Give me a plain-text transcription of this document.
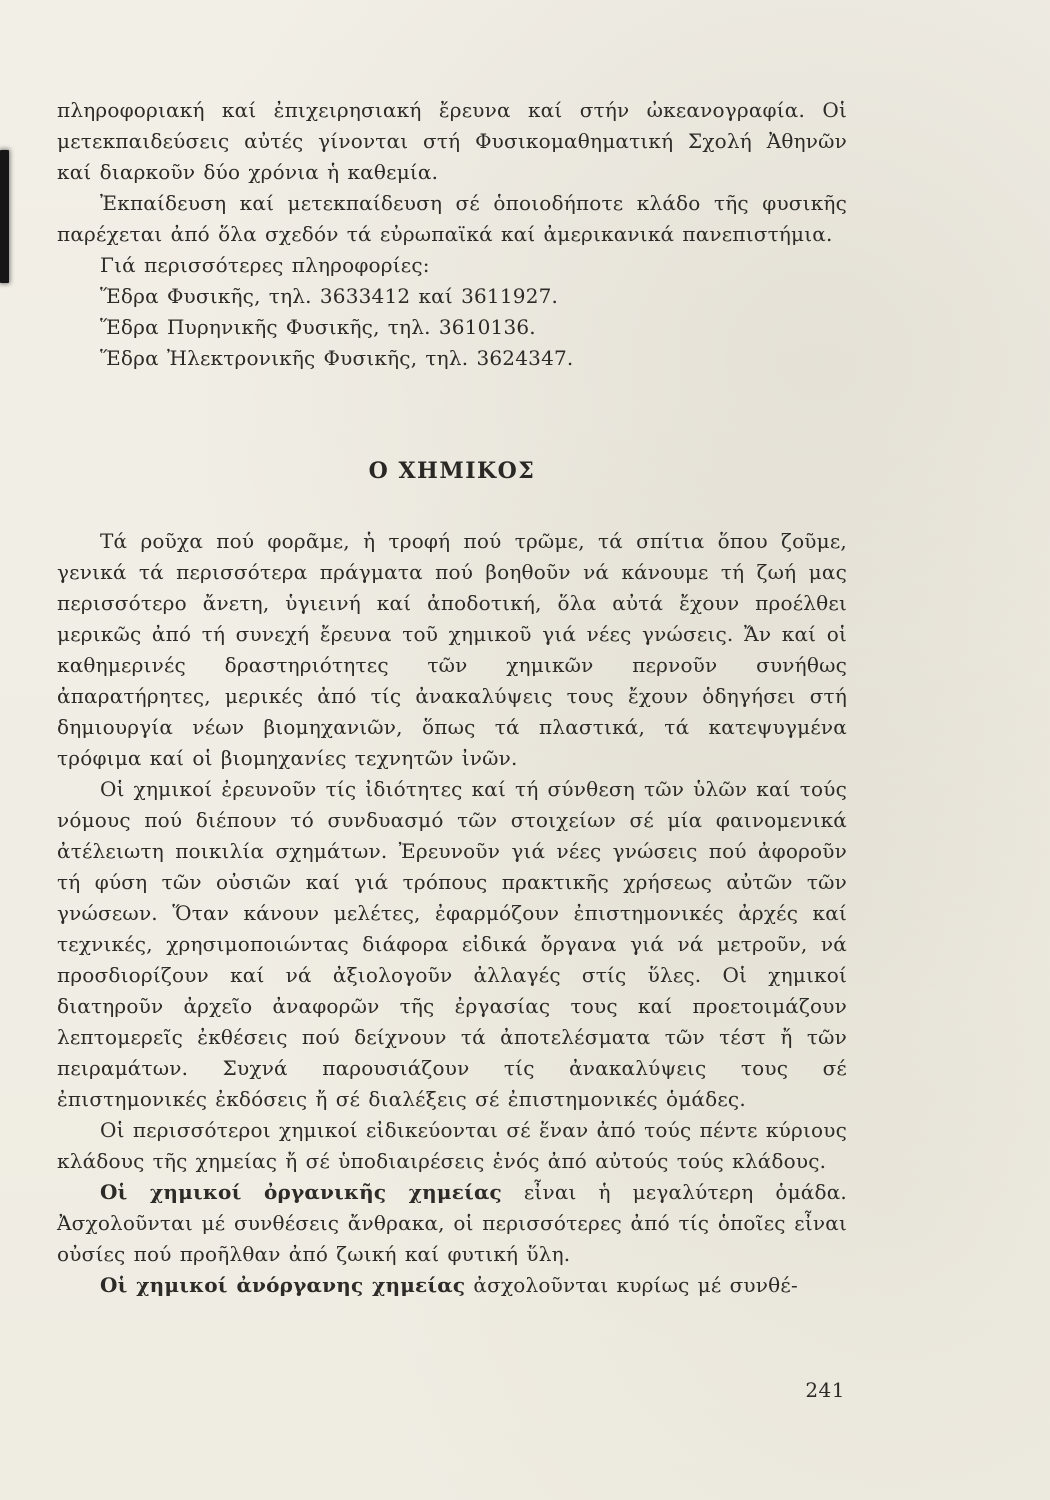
πληροφοριακή καί ἐπιχειρησιακή ἔρευνα καί στήν ὠκεανογραφία. Οἱ μετεκπαιδεύσεις αὐτές γίνονται στή Φυσικομαθηματική Σχολή Ἀθηνῶν καί διαρκοῦν δύο χρόνια ἡ καθεμία.

Ἐκπαίδευση καί μετεκπαίδευση σέ ὁποιοδήποτε κλάδο τῆς φυσικῆς παρέχεται ἀπό ὅλα σχεδόν τά εὐρωπαϊκά καί ἀμερικανικά πανεπιστήμια.

Γιά περισσότερες πληροφορίες:

Ἕδρα Φυσικῆς, τηλ. 3633412 καί 3611927.

Ἕδρα Πυρηνικῆς Φυσικῆς, τηλ. 3610136.

Ἕδρα Ἠλεκτρονικῆς Φυσικῆς, τηλ. 3624347.

Ο ΧΗΜΙΚΟΣ

Τά ροῦχα πού φορᾶμε, ἡ τροφή πού τρῶμε, τά σπίτια ὅπου ζοῦμε, γενικά τά περισσότερα πράγματα πού βοηθοῦν νά κάνουμε τή ζωή μας περισσότερο ἄνετη, ὑγιεινή καί ἀποδοτική, ὅλα αὐτά ἔχουν προέλθει μερικῶς ἀπό τή συνεχή ἔρευνα τοῦ χημικοῦ γιά νέες γνώσεις. Ἄν καί οἱ καθημερινές δραστηριότητες τῶν χημικῶν περνοῦν συνήθως ἀπαρατήρητες, μερικές ἀπό τίς ἀνακαλύψεις τους ἔχουν ὁδηγήσει στή δημιουργία νέων βιομηχανιῶν, ὅπως τά πλαστικά, τά κατεψυγμένα τρόφιμα καί οἱ βιομηχανίες τεχνητῶν ἰνῶν.

Οἱ χημικοί ἐρευνοῦν τίς ἰδιότητες καί τή σύνθεση τῶν ὑλῶν καί τούς νόμους πού διέπουν τό συνδυασμό τῶν στοιχείων σέ μία φαινομενικά ἀτέλειωτη ποικιλία σχημάτων. Ἐρευνοῦν γιά νέες γνώσεις πού ἀφοροῦν τή φύση τῶν οὐσιῶν καί γιά τρόπους πρακτικῆς χρήσεως αὐτῶν τῶν γνώσεων. Ὅταν κάνουν μελέτες, ἐφαρμόζουν ἐπιστημονικές ἀρχές καί τεχνικές, χρησιμοποιώντας διάφορα εἰδικά ὄργανα γιά νά μετροῦν, νά προσδιορίζουν καί νά ἀξιολογοῦν ἀλλαγές στίς ὕλες. Οἱ χημικοί διατηροῦν ἀρχεῖο ἀναφορῶν τῆς ἐργασίας τους καί προετοιμάζουν λεπτομερεῖς ἐκθέσεις πού δείχνουν τά ἀποτελέσματα τῶν τέστ ἤ τῶν πειραμάτων. Συχνά παρουσιάζουν τίς ἀνακαλύψεις τους σέ ἐπιστημονικές ἐκδόσεις ἤ σέ διαλέξεις σέ ἐπιστημονικές ὁμάδες.

Οἱ περισσότεροι χημικοί εἰδικεύονται σέ ἕναν ἀπό τούς πέντε κύριους κλάδους τῆς χημείας ἤ σέ ὑποδιαιρέσεις ἑνός ἀπό αὐτούς τούς κλάδους.

Οἱ χημικοί ὀργανικῆς χημείας εἶναι ἡ μεγαλύτερη ὁμάδα. Ἀσχολοῦνται μέ συνθέσεις ἄνθρακα, οἱ περισσότερες ἀπό τίς ὁποῖες εἶναι οὐσίες πού προῆλθαν ἀπό ζωική καί φυτική ὕλη.

Οἱ χημικοί ἀνόργανης χημείας ἀσχολοῦνται κυρίως μέ συνθέ-

241
